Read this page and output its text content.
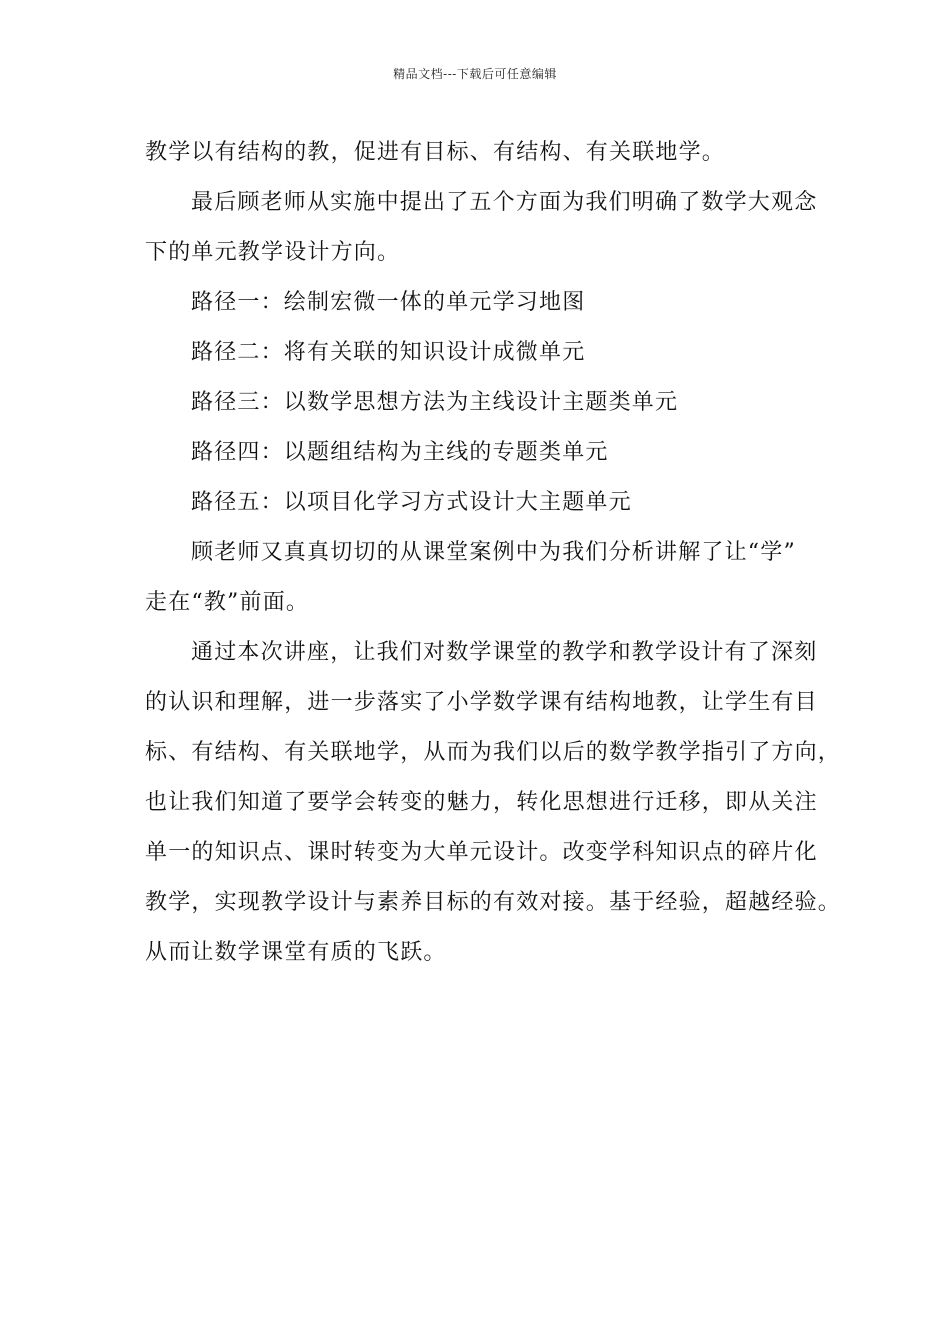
精品文档---下载后可任意编辑
教学以有结构的教，促进有目标、有结构、有关联地学。
最后顾老师从实施中提出了五个方面为我们明确了数学大观念
下的单元教学设计方向。
路径一：绘制宏微一体的单元学习地图
路径二：将有关联的知识设计成微单元
路径三：以数学思想方法为主线设计主题类单元
路径四：以题组结构为主线的专题类单元
路径五：以项目化学习方式设计大主题单元
顾老师又真真切切的从课堂案例中为我们分析讲解了让“学”
走在“教”前面。
通过本次讲座，让我们对数学课堂的教学和教学设计有了深刻
的认识和理解，进一步落实了小学数学课有结构地教，让学生有目
标、有结构、有关联地学，从而为我们以后的数学教学指引了方向，
也让我们知道了要学会转变的魅力，转化思想进行迁移，即从关注
单一的知识点、课时转变为大单元设计。改变学科知识点的碎片化
教学，实现教学设计与素养目标的有效对接。基于经验，超越经验。
从而让数学课堂有质的飞跃。
